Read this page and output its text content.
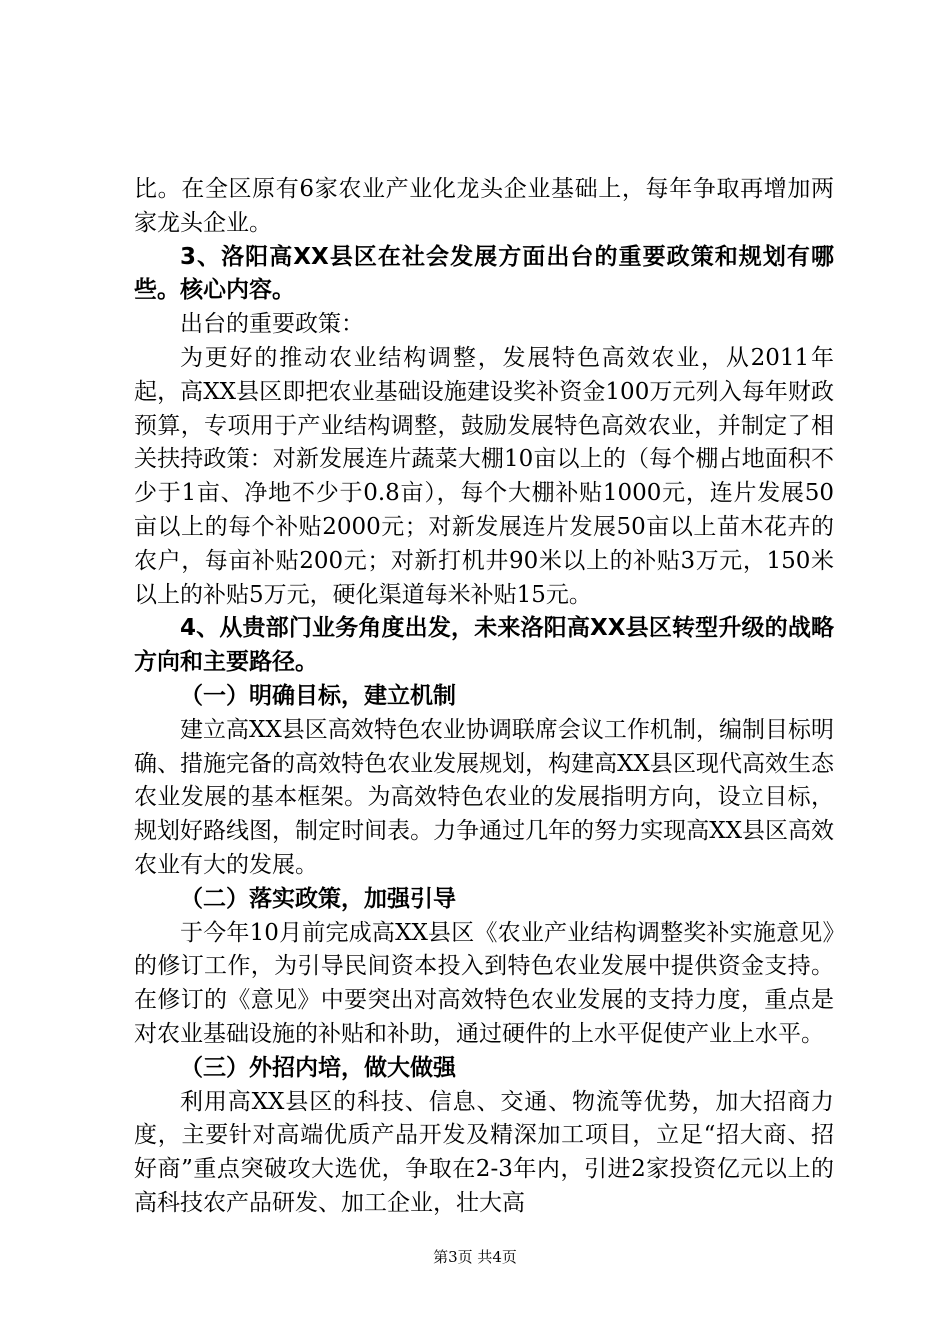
比。在全区原有6家农业产业化龙头企业基础上，每年争取再增加两家龙头企业。

3、洛阳高XX县区在社会发展方面出台的重要政策和规划有哪些。核心内容。

出台的重要政策：

为更好的推动农业结构调整，发展特色高效农业，从2011年起，高XX县区即把农业基础设施建设奖补资金100万元列入每年财政预算，专项用于产业结构调整，鼓励发展特色高效农业，并制定了相关扶持政策：对新发展连片蔬菜大棚10亩以上的（每个棚占地面积不少于1亩、净地不少于0.8亩），每个大棚补贴1000元，连片发展50亩以上的每个补贴2000元；对新发展连片发展50亩以上苗木花卉的农户，每亩补贴200元；对新打机井90米以上的补贴3万元，150米以上的补贴5万元，硬化渠道每米补贴15元。

4、从贵部门业务角度出发，未来洛阳高XX县区转型升级的战略方向和主要路径。

（一）明确目标，建立机制

建立高XX县区高效特色农业协调联席会议工作机制，编制目标明确、措施完备的高效特色农业发展规划，构建高XX县区现代高效生态农业发展的基本框架。为高效特色农业的发展指明方向，设立目标，规划好路线图，制定时间表。力争通过几年的努力实现高XX县区高效农业有大的发展。

（二）落实政策，加强引导

于今年10月前完成高XX县区《农业产业结构调整奖补实施意见》的修订工作，为引导民间资本投入到特色农业发展中提供资金支持。在修订的《意见》中要突出对高效特色农业发展的支持力度，重点是对农业基础设施的补贴和补助，通过硬件的上水平促使产业上水平。

（三）外招内培，做大做强

利用高XX县区的科技、信息、交通、物流等优势，加大招商力度，主要针对高端优质产品开发及精深加工项目，立足“招大商、招好商”重点突破攻大选优，争取在2-3年内，引进2家投资亿元以上的高科技农产品研发、加工企业，壮大高

第3页 共4页
